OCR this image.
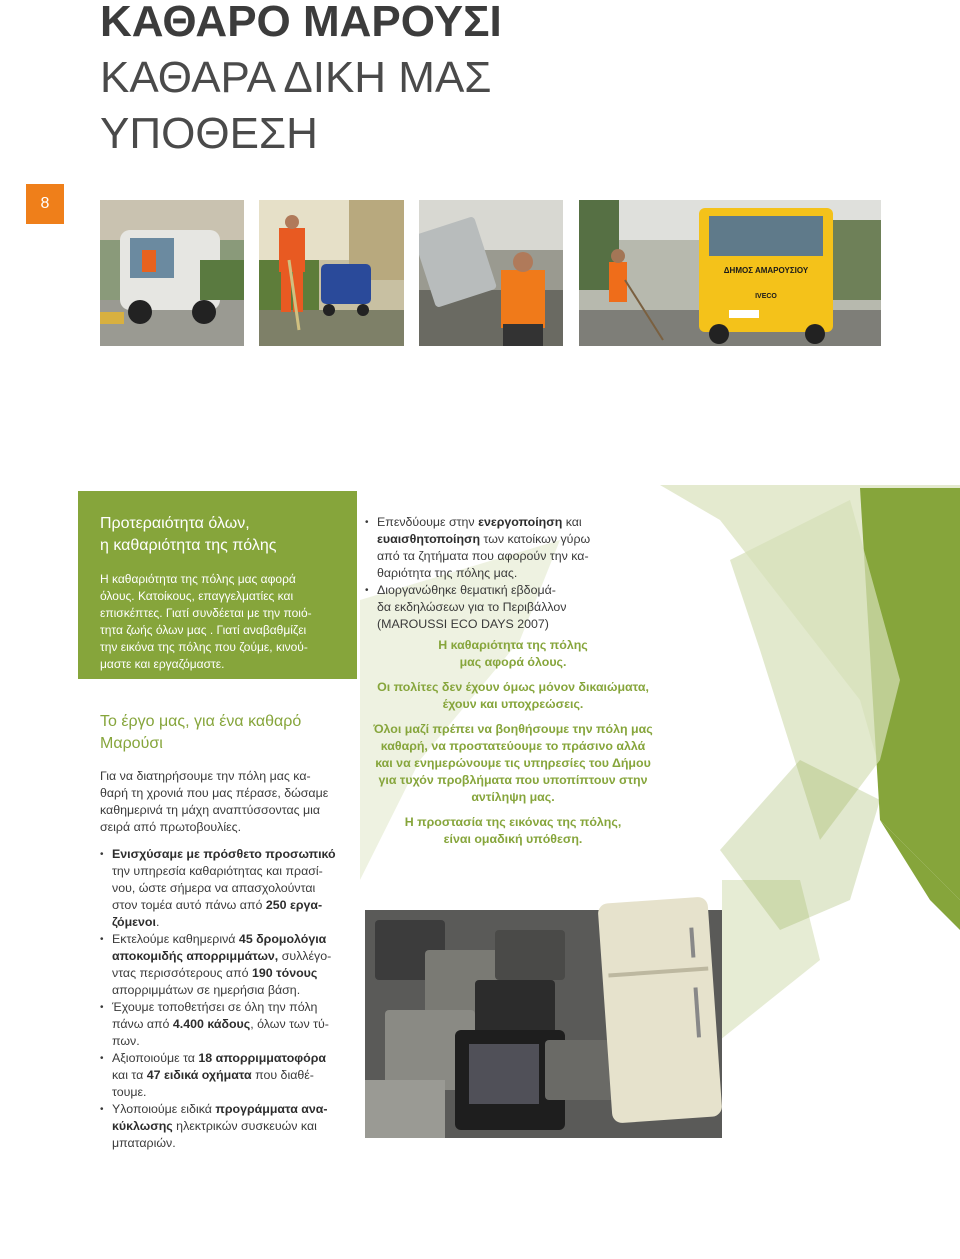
ΚΑΘΑΡΟ ΜΑΡΟΥΣΙ
ΚΑΘΑΡΑ ΔΙΚΗ ΜΑΣ
ΥΠΟΘΕΣΗ
8
ΔΗΜΟΣ ΑΜΑΡΟΥΣΙΟΥ
IVECO
Προτεραιότητα όλων,
η καθαριότητα της πόλης

Η καθαριότητα της πόλης μας αφορά
όλους. Κατοίκους, επαγγελματίες και
επισκέπτες. Γιατί συνδέεται με την ποιό-
τητα ζωής όλων μας . Γιατί αναβαθμίζει
την εικόνα της πόλης που ζούμε, κινού-
μαστε και εργαζόμαστε.

Το έργο μας, για ένα καθαρό
Μαρούσι

Για να διατηρήσουμε την πόλη μας κα-
θαρή τη χρονιά που μας πέρασε, δώσαμε
καθημερινά τη μάχη αναπτύσσοντας μια
σειρά από πρωτοβουλίες.

• Ενισχύσαμε με πρόσθετο προσωπικό
την υπηρεσία καθαριότητας και πρασί-
νου, ώστε σήμερα να απασχολούνται
στον τομέα αυτό πάνω από 250 εργα-
ζόμενοι.
• Εκτελούμε καθημερινά 45 δρομολόγια
αποκομιδής απορριμμάτων, συλλέγο-
ντας περισσότερους από 190 τόνους
απορριμμάτων σε ημερήσια βάση.
• Έχουμε τοποθετήσει σε όλη την πόλη
πάνω από 4.400 κάδους, όλων των τύ-
πων.
• Αξιοποιούμε τα 18 απορριμματοφόρα
και τα 47 ειδικά οχήματα που διαθέ-
τουμε.
• Υλοποιούμε ειδικά προγράμματα ανα-
κύκλωσης ηλεκτρικών συσκευών και
μπαταριών.
• Επενδύουμε στην ενεργοποίηση και
ευαισθητοποίηση των κατοίκων γύρω
από τα ζητήματα που αφορούν την κα-
θαριότητα της πόλης μας.
• Διοργανώθηκε θεματική εβδομά-
δα εκδηλώσεων για το Περιβάλλον
(MAROUSSI ECO DAYS 2007)
Η καθαριότητα της πόλης
μας αφορά όλους.
Οι πολίτες δεν έχουν όμως μόνον δικαιώματα,
έχουν και υποχρεώσεις.
Όλοι μαζί πρέπει να βοηθήσουμε την πόλη μας
καθαρή, να προστατεύουμε το πράσινο αλλά
και να ενημερώνουμε τις υπηρεσίες του Δήμου
για τυχόν προβλήματα που υποπίπτουν στην
αντίληψη μας.
Η προστασία της εικόνας της πόλης,
είναι ομαδική υπόθεση.
